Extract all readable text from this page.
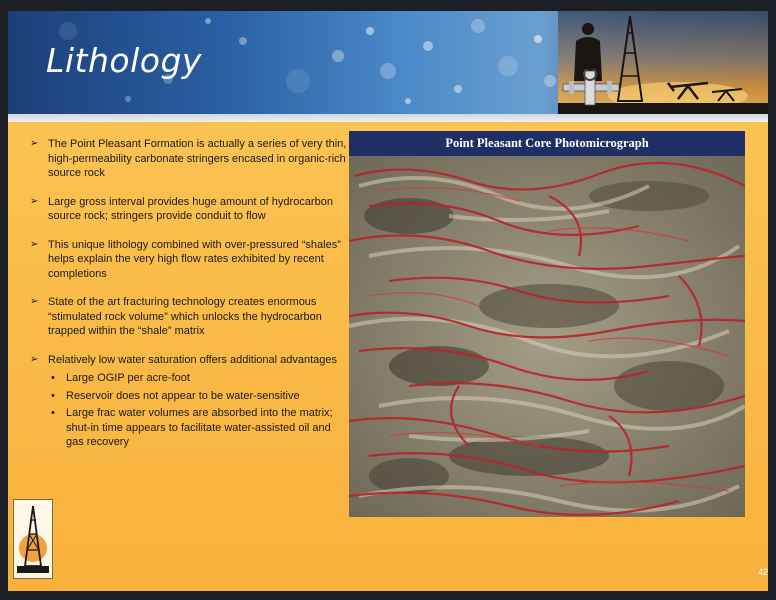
Lithology
➢ The Point Pleasant Formation is actually a series of very thin, high-permeability carbonate stringers encased in organic-rich source rock
➢ Large gross interval provides huge amount of hydrocarbon source rock; stringers provide conduit to flow
➢ This unique lithology combined with over-pressured “shales” helps explain the very high flow rates exhibited by recent completions
➢ State of the art fracturing technology creates enormous “stimulated rock volume” which unlocks the hydrocarbon trapped within the “shale” matrix
➢ Relatively low water saturation offers additional advantages
• Large OGIP per acre-foot
• Reservoir does not appear to be water-sensitive
• Large frac water volumes are absorbed into the matrix; shut-in time appears to facilitate water-assisted oil and gas recovery
Point Pleasant Core Photomicrograph
42
